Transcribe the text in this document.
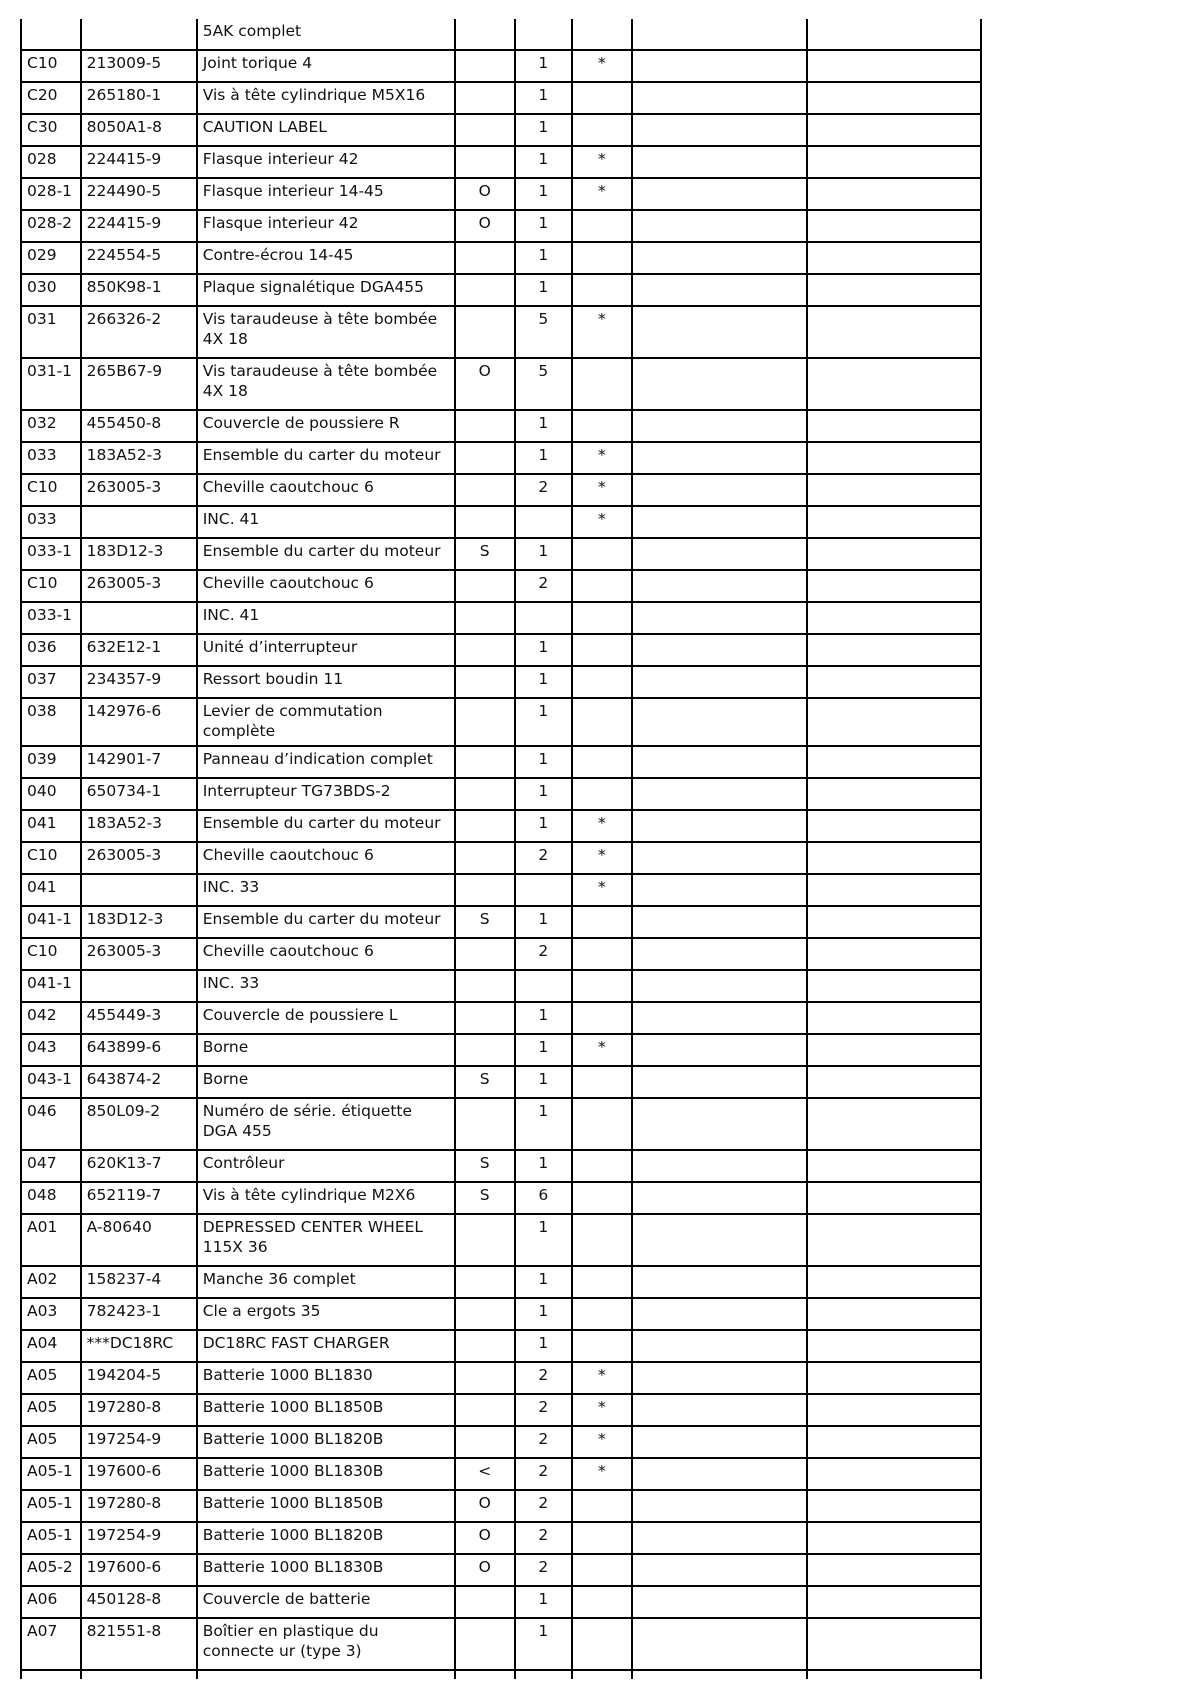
		5AK complet					
C10	213009-5	Joint torique 4		1	*		
C20	265180-1	Vis à tête cylindrique M5X16		1			
C30	8050A1-8	CAUTION LABEL		1			
028	224415-9	Flasque interieur 42		1	*		
028-1	224490-5	Flasque interieur 14-45	O	1	*		
028-2	224415-9	Flasque interieur 42	O	1			
029	224554-5	Contre-écrou 14-45		1			
030	850K98-1	Plaque signalétique DGA455		1			
031	266326-2	Vis taraudeuse à tête bombée 4X 18		5	*		
031-1	265B67-9	Vis taraudeuse à tête bombée 4X 18	O	5			
032	455450-8	Couvercle de poussiere R		1			
033	183A52-3	Ensemble du carter du moteur		1	*		
C10	263005-3	Cheville caoutchouc 6		2	*		
033		INC. 41			*		
033-1	183D12-3	Ensemble du carter du moteur	S	1			
C10	263005-3	Cheville caoutchouc 6		2			
033-1		INC. 41					
036	632E12-1	Unité d’interrupteur		1			
037	234357-9	Ressort boudin 11		1			
038	142976-6	Levier de commutation complète		1			
039	142901-7	Panneau d’indication complet		1			
040	650734-1	Interrupteur TG73BDS-2		1			
041	183A52-3	Ensemble du carter du moteur		1	*		
C10	263005-3	Cheville caoutchouc 6		2	*		
041		INC. 33			*		
041-1	183D12-3	Ensemble du carter du moteur	S	1			
C10	263005-3	Cheville caoutchouc 6		2			
041-1		INC. 33					
042	455449-3	Couvercle de poussiere L		1			
043	643899-6	Borne		1	*		
043-1	643874-2	Borne	S	1			
046	850L09-2	Numéro de série. étiquette DGA 455		1			
047	620K13-7	Contrôleur	S	1			
048	652119-7	Vis à tête cylindrique M2X6	S	6			
A01	A-80640	DEPRESSED CENTER WHEEL 115X 36		1			
A02	158237-4	Manche 36 complet		1			
A03	782423-1	Cle a ergots 35		1			
A04	***DC18RC	DC18RC FAST CHARGER		1			
A05	194204-5	Batterie 1000 BL1830		2	*		
A05	197280-8	Batterie 1000 BL1850B		2	*		
A05	197254-9	Batterie 1000 BL1820B		2	*		
A05-1	197600-6	Batterie 1000 BL1830B	<	2	*		
A05-1	197280-8	Batterie 1000 BL1850B	O	2			
A05-1	197254-9	Batterie 1000 BL1820B	O	2			
A05-2	197600-6	Batterie 1000 BL1830B	O	2			
A06	450128-8	Couvercle de batterie		1			
A07	821551-8	Boîtier en plastique du connecte ur (type 3)		1			
